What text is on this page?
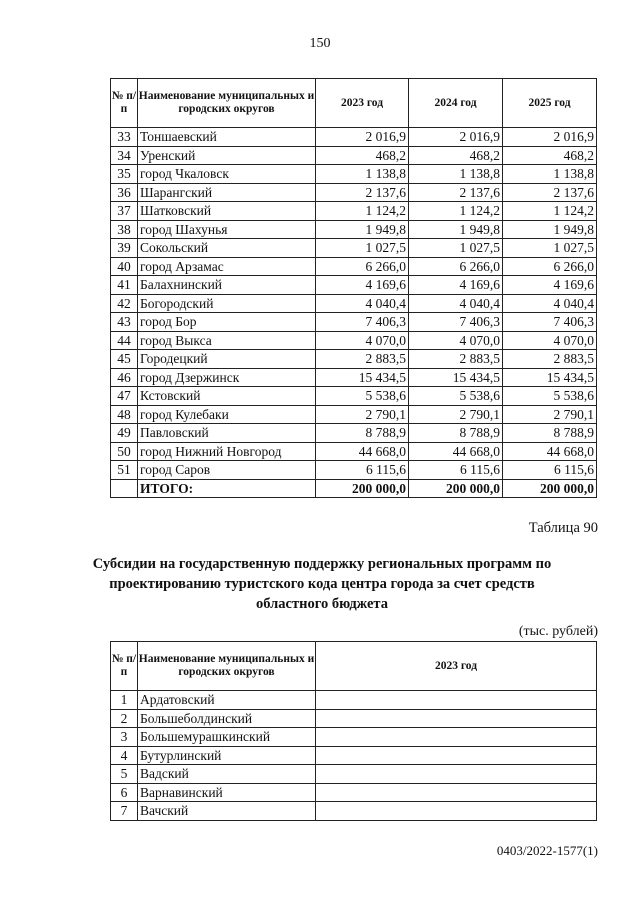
150
№ п/п	Наименование муниципальных и городских округов	2023 год	2024 год	2025 год
33	Тоншаевский	2 016,9	2 016,9	2 016,9
34	Уренский	468,2	468,2	468,2
35	город Чкаловск	1 138,8	1 138,8	1 138,8
36	Шарангский	2 137,6	2 137,6	2 137,6
37	Шатковский	1 124,2	1 124,2	1 124,2
38	город Шахунья	1 949,8	1 949,8	1 949,8
39	Сокольский	1 027,5	1 027,5	1 027,5
40	город Арзамас	6 266,0	6 266,0	6 266,0
41	Балахнинский	4 169,6	4 169,6	4 169,6
42	Богородский	4 040,4	4 040,4	4 040,4
43	город Бор	7 406,3	7 406,3	7 406,3
44	город Выкса	4 070,0	4 070,0	4 070,0
45	Городецкий	2 883,5	2 883,5	2 883,5
46	город Дзержинск	15 434,5	15 434,5	15 434,5
47	Кстовский	5 538,6	5 538,6	5 538,6
48	город Кулебаки	2 790,1	2 790,1	2 790,1
49	Павловский	8 788,9	8 788,9	8 788,9
50	город Нижний Новгород	44 668,0	44 668,0	44 668,0
51	город Саров	6 115,6	6 115,6	6 115,6
	ИТОГО:	200 000,0	200 000,0	200 000,0
Таблица 90
Субсидии на государственную поддержку региональных программ по проектированию туристского кода центра города за счет средств областного бюджета
(тыс. рублей)
№ п/п	Наименование муниципальных и городских округов	2023 год
1	Ардатовский	
2	Большеболдинский	
3	Большемурашкинский	
4	Бутурлинский	
5	Вадский	
6	Варнавинский	
7	Вачский	
0403/2022-1577(1)
